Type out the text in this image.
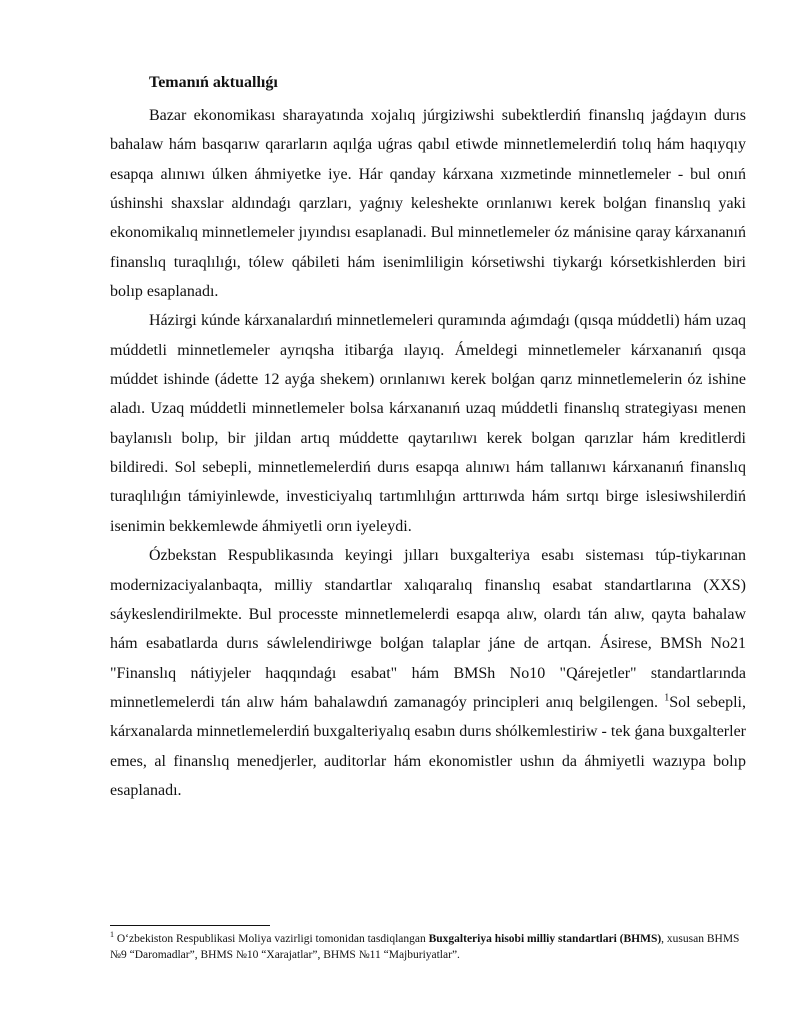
Temanıń aktuallıǵı

Bazar ekonomikası sharayatında xojalıq júrgiziwshi subektlerdiń finanslıq jaǵdayın durıs bahalaw hám basqarıw qararların aqılǵa uǵras qabıl etiwde minnetlemelerdiń tolıq hám haqıyqıy esapqa alınıwı úlken áhmiyetke iye. Hár qanday kárxana xızmetinde minnetlemeler - bul onıń úshinshi shaxslar aldındaǵı qarzları, yaǵnıy keleshekte orınlanıwı kerek bolǵan finanslıq yaki ekonomikalıq minnetlemeler jıyındısı esaplanadi. Bul minnetlemeler óz mánisine qaray kárxananıń finanslıq turaqlılıǵı, tólew qábileti hám isenimliligin kórsetiwshi tiykarǵı kórsetkishlerden biri bolıp esaplanadı.

Házirgi kúnde kárxanalardıń minnetlemeleri quramında aǵımdaǵı (qısqa múddetli) hám uzaq múddetli minnetlemeler ayrıqsha itibarǵa ılayıq. Ámeldegi minnetlemeler kárxananıń qısqa múddet ishinde (ádette 12 ayǵa shekem) orınlanıwı kerek bolǵan qarız minnetlemelerin óz ishine aladı. Uzaq múddetli minnetlemeler bolsa kárxananıń uzaq múddetli finanslıq strategiyası menen baylanıslı bolıp, bir jildan artıq múddette qaytarılıwı kerek bolgan qarızlar hám kreditlerdi bildiredi. Sol sebepli, minnetlemelerdiń durıs esapqa alınıwı hám tallanıwı kárxananıń finanslıq turaqlılıǵın támiyinlewde, investiciyalıq tartımlılıǵın arttırıwda hám sırtqı birge islesiwshilerdiń isenimin bekkemlewde áhmiyetli orın iyeleydi.

Ózbekstan Respublikasında keyingi jılları buxgalteriya esabı sisteması túp-tiykarınan modernizaciyalanbaqta, milliy standartlar xalıqaralıq finanslıq esabat standartlarına (XXS) sáykeslendirilmekte. Bul processte minnetlemelerdi esapqa alıw, olardı tán alıw, qayta bahalaw hám esabatlarda durıs sáwlelendiriwge bolǵan talaplar jáne de artqan. Ásirese, BMSh No21 "Finanslıq nátiyjeler haqqındaǵı esabat" hám BMSh No10 "Qárejetler" standartlarında minnetlemelerdi tán alıw hám bahalawdıń zamanagóy principleri anıq belgilengen. $^1$Sol sebepli, kárxanalarda minnetlemelerdiń buxgalteriyalıq esabın durıs shólkemlestiriw - tek ǵana buxgalterler emes, al finanslıq menedjerler, auditorlar hám ekonomistler ushın da áhmiyetli wazıypa bolıp esaplanadı.

$^1$ O‘zbekiston Respublikasi Moliya vazirligi tomonidan tasdiqlangan Buxgalteriya hisobi milliy standartlari (BHMS), xususan BHMS №9 “Daromadlar”, BHMS №10 “Xarajatlar”, BHMS №11 “Majburiyatlar”.
